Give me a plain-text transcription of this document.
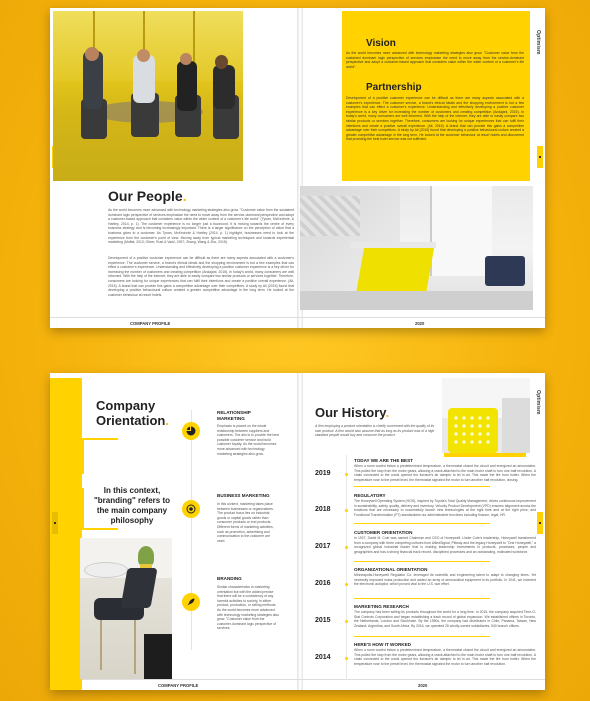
COMPANY PROFILE	2020
Vision
As the world becomes more advanced with technology marketing strategies also grow. "Customer value from the sustained dominant logic perspective of services emphasise the need to move away from the service-dominant perspective and adopt a customer-based approach that considers value within the wider context of a customer's life world".
Partnership
Development of a positive customer experience can be difficult as there are many aspects associated with a customer's experience. The customer service, a brand's ethical ideals and the shopping environment is but a few examples that can effect a customer's experience. Understanding and effectively developing a positive customer experience is a key driver for increasing the number of customers and creating competition (Andajani, 2015). In today's world, many consumers are well informed. With the help of the internet, they are able to easily compare two similar products or services together. Therefore, consumers are looking for unique experiences that can fulfil their intentions and create a positive overall experience. (Ali, 2015). A brand that can provide this gains a competitive advantage over their competitors. A study by Ali (2015) found that developing a positive behavioural culture created a greater competitive advantage in the long term. He looked at the customer behaviour at resort hotels and discovered that providing the best hotel service was not sufficient.
Optimism
Our People.
As the world becomes more advanced with technology marketing strategies also grow. "Customer value from the sustained dominant logic perspective of services emphasise the need to move away from the service-dominant perspective and adopt a customer-based approach that considers value within the wider context of a customer's life world" (Tynan, McKechnie, & Hartley, 2014, p. 1). The customer experience is no longer just a buzzword. It is moving towards the centre of every business strategy and is becoming increasingly important. There is a larger significance on the perception of value that a business gives to a customer. As Tynan, McKechnie & Hartley (2014, p. 1) highlight, businesses need to look at the experience from the customer's point of view. Moving away from typical marketing techniques and towards experiential marketing (Moffat, 2013; Oliver, Rust & Varki, 1997; Zhang, Wang & Zhu, 2015).
Development of a positive customer experience can be difficult as there are many aspects associated with a customer's experience. The customer service, a brand's ethical ideals and the shopping environment is but a few examples that can effect a customer's experience. Understanding and effectively developing a positive customer experience is a key driver for increasing the number of customers and creating competition (Andajani, 2015). In today's world, many consumers are well informed. With the help of the internet, they are able to easily compare two similar products or services together. Therefore, consumers are looking for unique experiences that can fulfil their intentions and create a positive overall experience. (Ali, 2015). A brand that can provide this gains a competitive advantage over their competitors. A study by Ali (2015) found that developing a positive behavioural culture created a greater competitive advantage in the long term. He looked at the customer behaviour at resort hotels.
COMPANY PROFILE	2020
Company
Orientation.
In this context, "branding" refers to the main company philosophy
RELATIONSHIP MARKETING
Emphasis is placed on the whole relationship between suppliers and customers. The aim is to provide the best possible customer service and build customer loyalty. As the world becomes more advanced with technology marketing strategies also grow.
BUSINESS MARKETING
In this context, marketing takes place between businesses or organizations. The product focus lies on industrial goods or capital goods rather than consumer products or end products. Different forms of marketing activities, such as promotion, advertising and communication to the customer are used.
BRANDING
Similar characteristics to marketing orientation but with the added precise that there will be a consistency of any harmful activities to society, in either product, production, or selling methods. As the world becomes more advanced with technology marketing strategies also grow. "Customer value from the customer-dominant logic perspective of services.
Our History.	Optimism
A firm employing a product orientation is chiefly concerned with the quality of its own product. A firm would also assume that as long as its product was of a high standard people would buy and consume the product.
2019
TODAY WE ARE THE BEST
When a room cooled below a predetermined temperature, a thermostat closed the circuit and energized an annunciator. This pulled the stop from the motor gears, allowing a crank attached to the main motor shaft to turn one-half revolution. A chain connected to the crank opened the furnace's air damper to let in air. This made the fire burn hotter. When the temperature rose to the preset level, the thermostat signaled the motor to turn another half revolution, closing.
2018
REGULATORY
The Honeywell Operating System (HOS), inspired by Toyota's Total Quality Management, drives continuous improvement in sustainability, safety, quality, delivery and inventory. Velocity Product Development (VPD) ensures alignment across the functions that are necessary to successfully launch new technologies at the right time and at the right price; and Functional Transformation (FT) standardizes our administrative functions including finance, legal, HR.
2017
CUSTOMER ORIENTATION
In 1927, David M. Cole was named Chairman and CEO of Honeywell. Under Cote's leadership, Honeywell transformed from a company with three competing cultures from AlliedSignal, Pittway and the legacy Honeywell to "One Honeywell," a recognized global industrial leader that is making leadership investments in products, processes, people and geographies and has a strong financial track record, disciplined processes and an outstanding, motivated workforce.
2016
ORGANIZATIONAL ORIENTATION
Minneapolis-Honeywell Regulator Co. leveraged its scientific and engineering talent to adapt to changing times. Yet necessity improved mass production and added an array of aeronautical equipment to its portfolio. In 1941, we invented the electronic autopilot, which proved vital to the U.S. war effort.
2015
MARKETING RESEARCH
The company has been selling its products throughout the world for a long time. In 2015, the company acquired Time-O-Stat Controls Corporation and began establishing a track record of global expansion. We established offices in Toronto, the Netherlands, London and Stockholm. By the 1950s, the company had distributors in Chile, Panama, Taiwan, New Zealand, Argentina, and South Africa. By 2016, we operated 25 wholly-owned subsidiaries, 540 branch offices.
2014
HERE'S HOW IT WORKED
When a room cooled below a predetermined temperature, a thermostat closed the circuit and energized an annunciator. This pulled the stop from the motor gears, allowing a crank attached to the main motor shaft to turn one-half revolution. A chain connected to the crank opened the furnace's air damper to let in air. This made the fire burn hotter. When the temperature rose to the preset level, the thermostat signaled the motor to turn another half revolution.
